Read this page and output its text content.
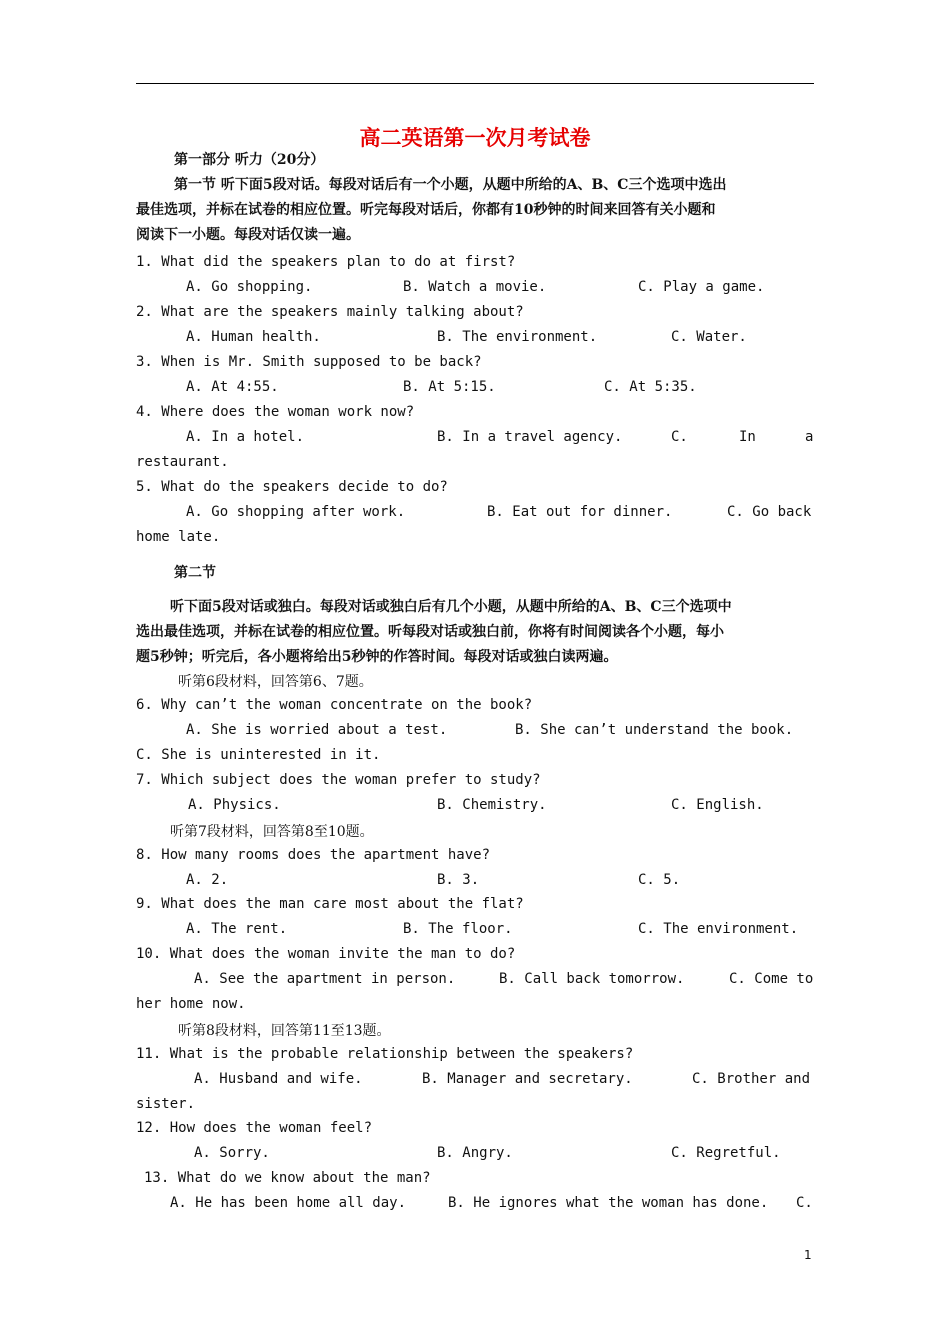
高二英语第一次月考试卷
第一部分 听力（20分）
第一节 听下面5段对话。每段对话后有一个小题，从题中所给的A、B、C三个选项中选出
最佳选项，并标在试卷的相应位置。听完每段对话后，你都有10秒钟的时间来回答有关小题和
阅读下一小题。每段对话仅读一遍。
1. What did the speakers plan to do at first?
A. Go shopping.	B. Watch a movie.	C. Play a game.
2. What are the speakers mainly talking about?
A. Human health.	B. The environment.	C. Water.
3. When is Mr. Smith supposed to be back?
A. At 4:55.	B. At 5:15.	C. At 5:35.
4. Where does the woman work now?
A. In a hotel.	B. In a travel agency.	C.	In	a
restaurant.
5. What do the speakers decide to do?
A. Go shopping after work.	B. Eat out for dinner.	C. Go back
home late.
第二节
听下面5段对话或独白。每段对话或独白后有几个小题，从题中所给的A、B、C三个选项中
选出最佳选项，并标在试卷的相应位置。听每段对话或独白前，你将有时间阅读各个小题，每小
题5秒钟；听完后，各小题将给出5秒钟的作答时间。每段对话或独白读两遍。
听第6段材料，回答第6、7题。
6. Why can’t the woman concentrate on the book?
A. She is worried about a test.	B. She can’t understand the book.
C. She is uninterested in it.
7. Which subject does the woman prefer to study?
A. Physics.	B. Chemistry.	C. English.
听第7段材料，回答第8至10题。
8. How many rooms does the apartment have?
A. 2.	B. 3.	C. 5.
9. What does the man care most about the flat?
A. The rent.	B. The floor.	C. The environment.
10. What does the woman invite the man to do?
A. See the apartment in person.	B. Call back tomorrow.	C. Come to
her home now.
听第8段材料，回答第11至13题。
11. What is the probable relationship between the speakers?
A. Husband and wife.	B. Manager and secretary.	C. Brother and
sister.
12. How does the woman feel?
A. Sorry.	B. Angry.	C. Regretful.
13. What do we know about the man?
A. He has been home all day.	B. He ignores what the woman has done. C.
1
